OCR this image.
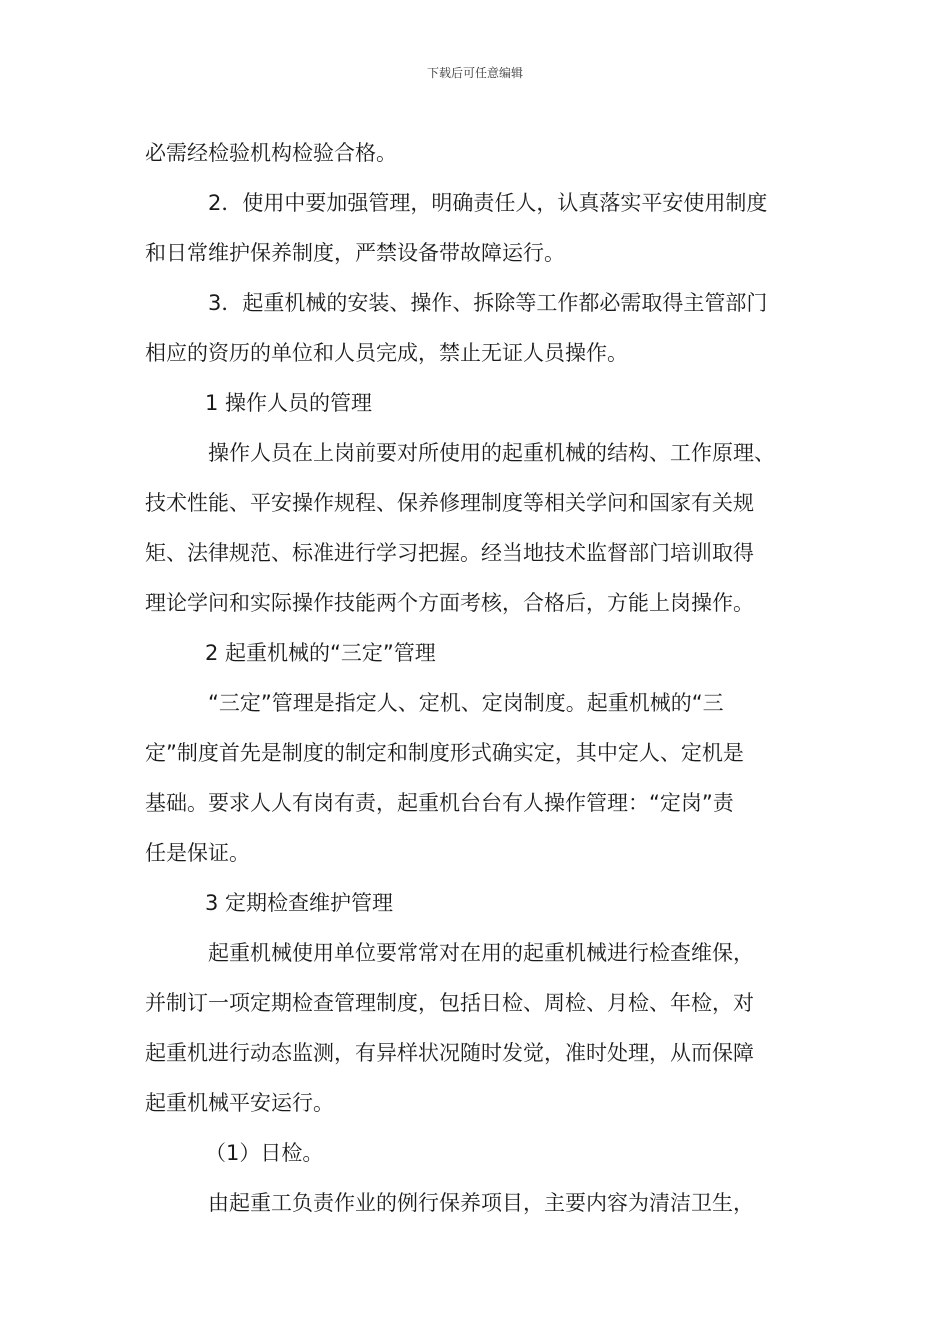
下载后可任意编辑
必需经检验机构检验合格。
2．使用中要加强管理，明确责任人，认真落实平安使用制度
和日常维护保养制度，严禁设备带故障运行。
3．起重机械的安装、操作、拆除等工作都必需取得主管部门
相应的资历的单位和人员完成，禁止无证人员操作。
1 操作人员的管理
操作人员在上岗前要对所使用的起重机械的结构、工作原理、
技术性能、平安操作规程、保养修理制度等相关学问和国家有关规
矩、法律规范、标准进行学习把握。经当地技术监督部门培训取得
理论学问和实际操作技能两个方面考核，合格后，方能上岗操作。
2 起重机械的“三定”管理
“三定”管理是指定人、定机、定岗制度。起重机械的“三
定”制度首先是制度的制定和制度形式确实定，其中定人、定机是
基础。要求人人有岗有责，起重机台台有人操作管理：“定岗”责
任是保证。
3 定期检查维护管理
起重机械使用单位要常常对在用的起重机械进行检查维保，
并制订一项定期检查管理制度，包括日检、周检、月检、年检，对
起重机进行动态监测，有异样状况随时发觉，准时处理，从而保障
起重机械平安运行。
（1）日检。
由起重工负责作业的例行保养项目，主要内容为清洁卫生，
